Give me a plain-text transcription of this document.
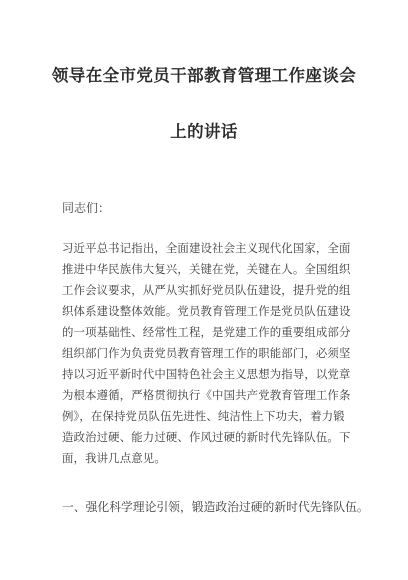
领导在全市党员干部教育管理工作座谈会
上的讲话
同志们：
习近平总书记指出，全面建设社会主义现代化国家，全面
推进中华民族伟大复兴，关键在党，关键在人。全国组织
工作会议要求，从严从实抓好党员队伍建设，提升党的组
织体系建设整体效能。党员教育管理工作是党员队伍建设
的一项基础性、经常性工程，是党建工作的重要组成部分
组织部门作为负责党员教育管理工作的职能部门，必须坚
持以习近平新时代中国特色社会主义思想为指导，以党章
为根本遵循，严格贯彻执行《中国共产党教育管理工作条
例》，在保持党员队伍先进性、纯洁性上下功夫，着力锻
造政治过硬、能力过硬、作风过硬的新时代先锋队伍。下
面，我讲几点意见。
一、强化科学理论引领，锻造政治过硬的新时代先锋队伍。
